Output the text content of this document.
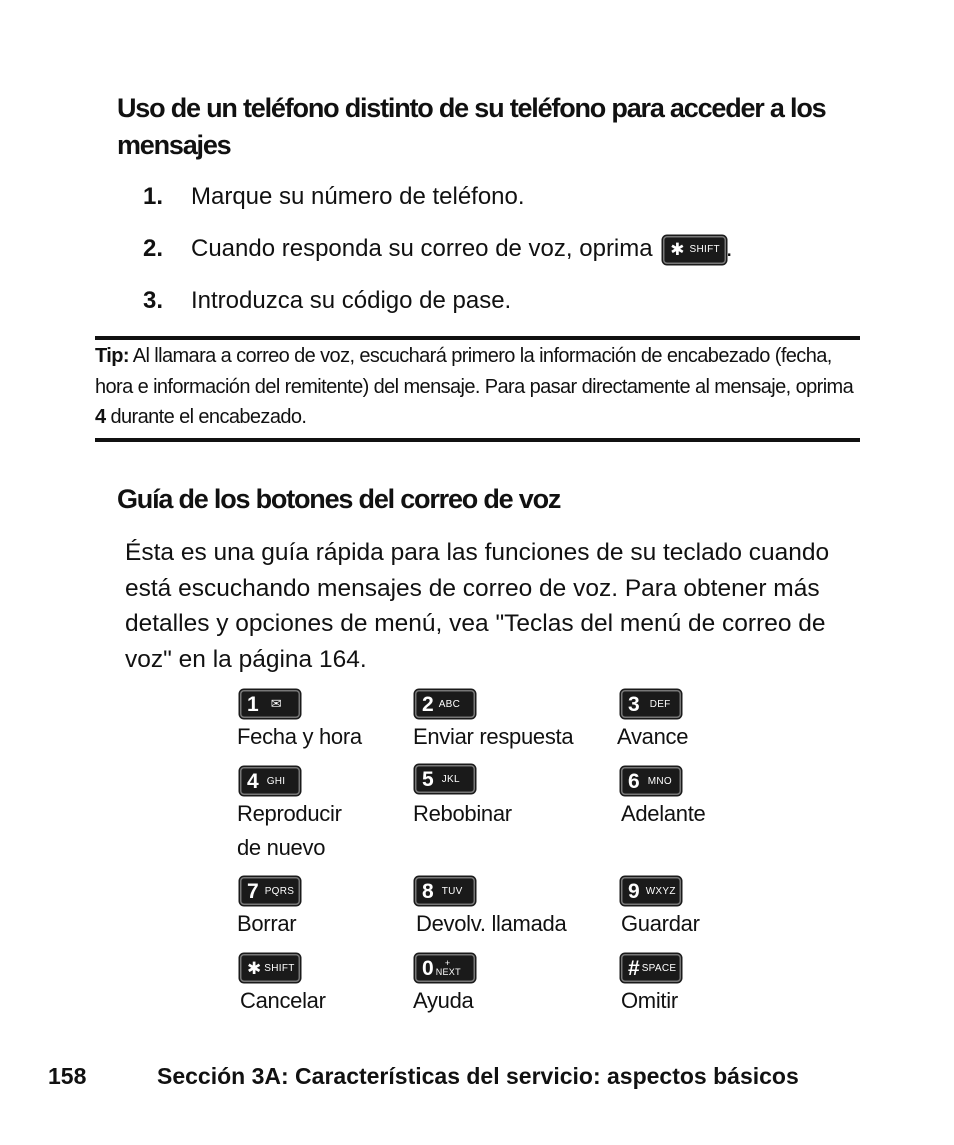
Uso de un teléfono distinto de su teléfono para acceder a los mensajes
1. Marque su número de teléfono.
2. Cuando responda su correo de voz, oprima ✱ SHIFT .
3. Introduzca su código de pase.
Tip: Al llamara a correo de voz, escuchará primero la información de encabezado (fecha, hora e información del remitente) del mensaje. Para pasar directamente al mensaje, oprima 4 durante el encabezado.
Guía de los botones del correo de voz

Ésta es una guía rápida para las funciones de su teclado cuando está escuchando mensajes de correo de voz. Para obtener más detalles y opciones de menú, vea "Teclas del menú de correo de voz" en la página 164.

1 ✉
Fecha y hora
2 ABC
Enviar respuesta
3 DEF
Avance
4 GHI
Reproducir de nuevo
5 JKL
Rebobinar
6 MNO
Adelante
7 PQRS
Borrar
8 TUV
Devolv. llamada
9 WXYZ
Guardar
✱ SHIFT
Cancelar
0	+ NEXT
Ayuda
# SPACE
Omitir
158	Sección 3A: Características del servicio: aspectos básicos
